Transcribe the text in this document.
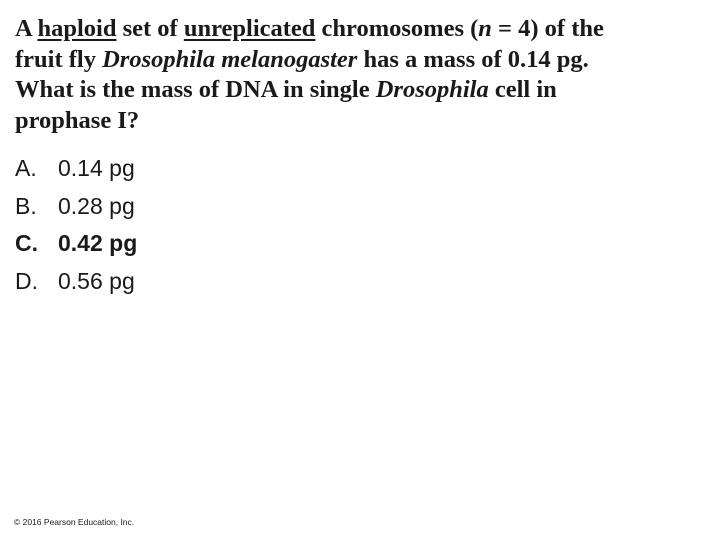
A haploid set of unreplicated chromosomes (n = 4) of the
fruit fly Drosophila melanogaster has a mass of 0.14 pg.
What is the mass of DNA in single Drosophila cell in
prophase I?
A. 0.14 pg
B. 0.28 pg
C. 0.42 pg
D. 0.56 pg
© 2016 Pearson Education, Inc.
